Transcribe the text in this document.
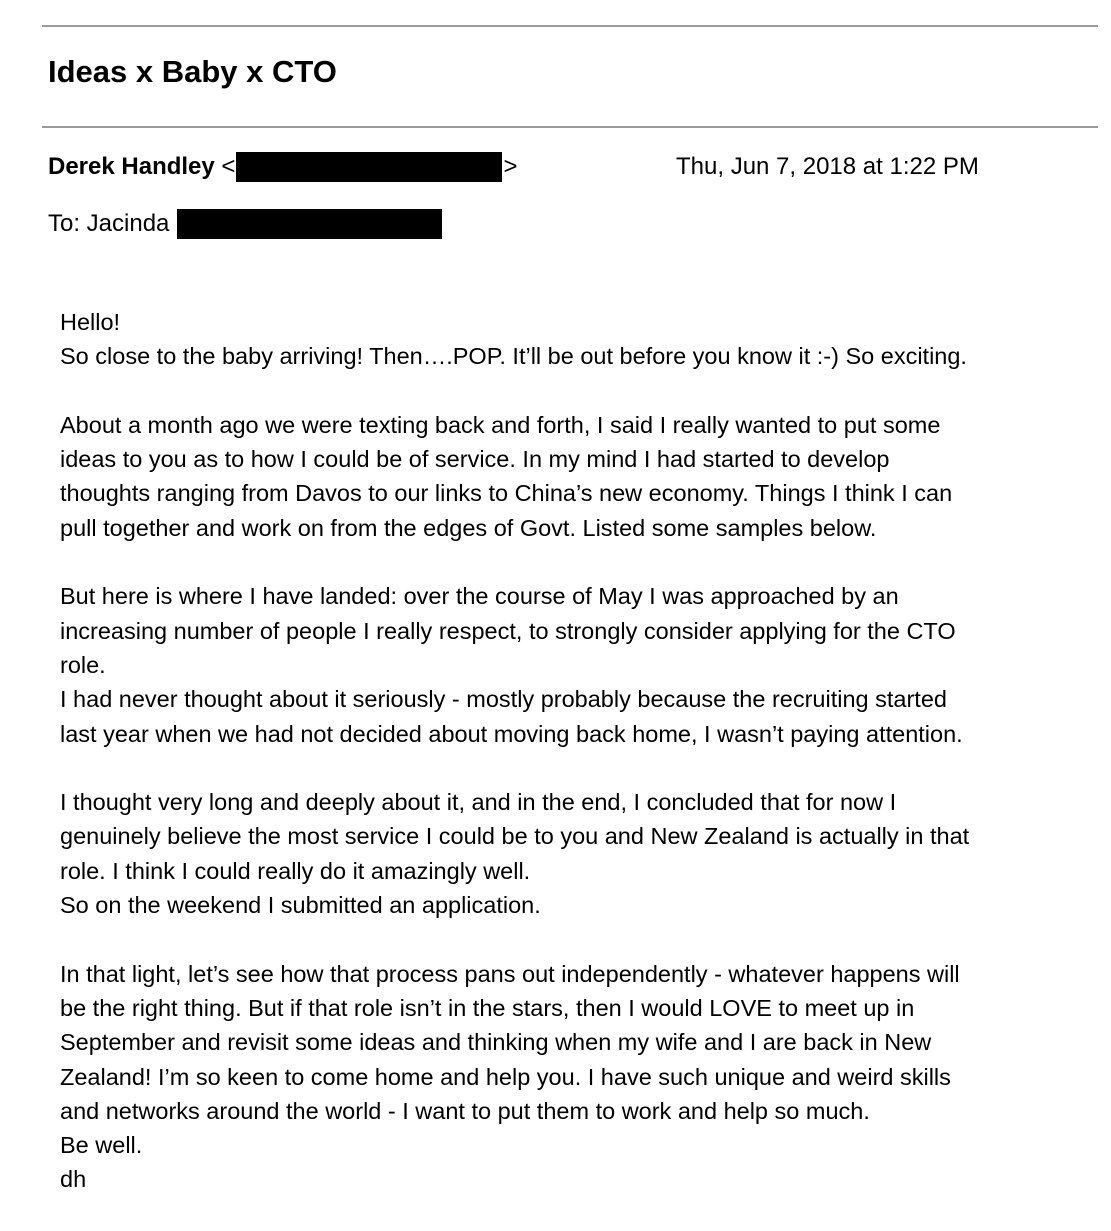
Ideas x Baby x CTO
Derek Handley <	>	Thu, Jun 7, 2018 at 1:22 PM
To: Jacinda
Hello!
So close to the baby arriving! Then….POP. It’ll be out before you know it :-) So exciting.
About a month ago we were texting back and forth, I said I really wanted to put some
ideas to you as to how I could be of service. In my mind I had started to develop
thoughts ranging from Davos to our links to China’s new economy. Things I think I can
pull together and work on from the edges of Govt. Listed some samples below.
But here is where I have landed: over the course of May I was approached by an
increasing number of people I really respect, to strongly consider applying for the CTO
role.
I had never thought about it seriously - mostly probably because the recruiting started
last year when we had not decided about moving back home, I wasn’t paying attention.
I thought very long and deeply about it, and in the end, I concluded that for now I
genuinely believe the most service I could be to you and New Zealand is actually in that
role. I think I could really do it amazingly well.
So on the weekend I submitted an application.
In that light, let’s see how that process pans out independently - whatever happens will
be the right thing. But if that role isn’t in the stars, then I would LOVE to meet up in
September and revisit some ideas and thinking when my wife and I are back in New
Zealand! I’m so keen to come home and help you. I have such unique and weird skills
and networks around the world - I want to put them to work and help so much.
Be well.
dh
